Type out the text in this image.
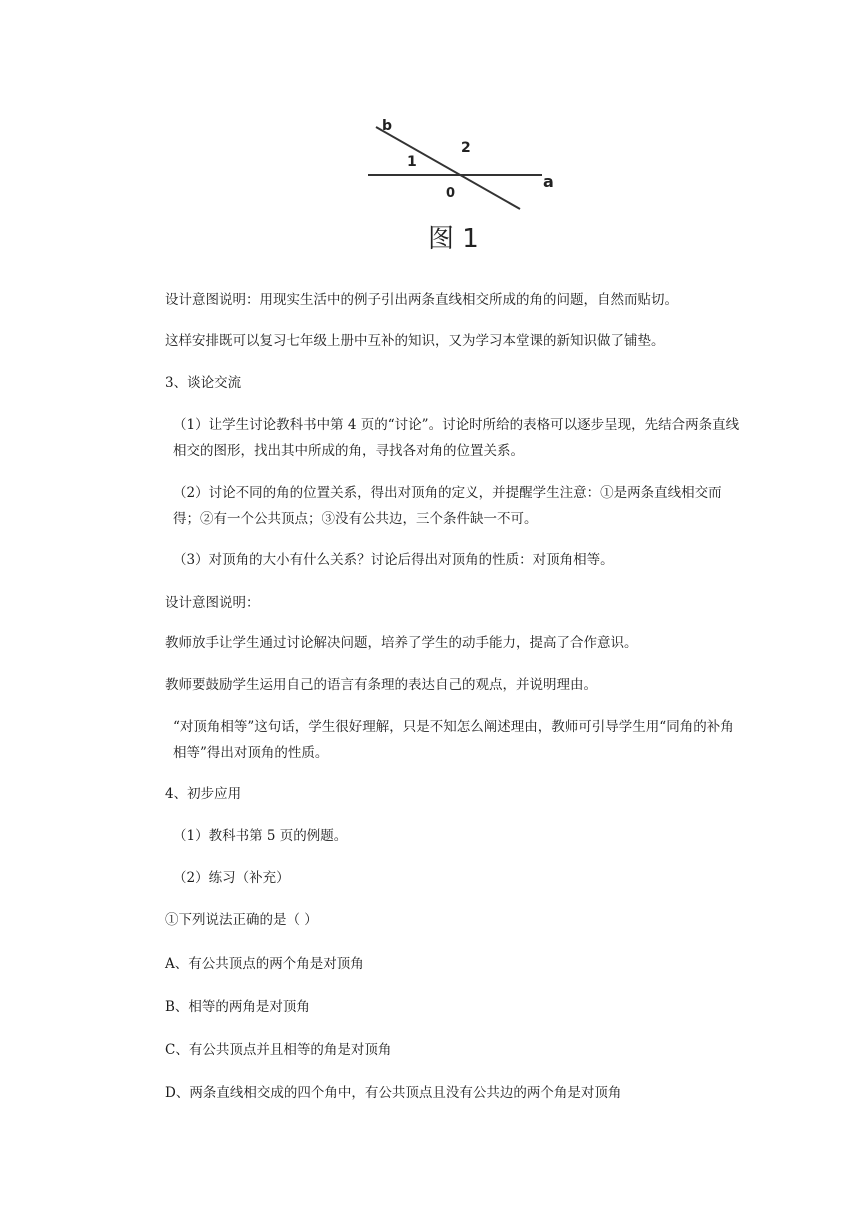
b
a
1
2
0
图 1

设计意图说明：用现实生活中的例子引出两条直线相交所成的角的问题，自然而贴切。

这样安排既可以复习七年级上册中互补的知识，又为学习本堂课的新知识做了铺垫。

3、谈论交流

（1）让学生讨论教科书中第 4 页的“讨论”。讨论时所给的表格可以逐步呈现，先结合两条直线相交的图形，找出其中所成的角，寻找各对角的位置关系。

（2）讨论不同的角的位置关系，得出对顶角的定义，并提醒学生注意：①是两条直线相交而得；②有一个公共顶点；③没有公共边，三个条件缺一不可。

（3）对顶角的大小有什么关系？讨论后得出对顶角的性质：对顶角相等。

设计意图说明：

教师放手让学生通过讨论解决问题，培养了学生的动手能力，提高了合作意识。

教师要鼓励学生运用自己的语言有条理的表达自己的观点，并说明理由。

“对顶角相等”这句话，学生很好理解，只是不知怎么阐述理由，教师可引导学生用“同角的补角相等”得出对顶角的性质。

4、初步应用

（1）教科书第 5 页的例题。

（2）练习（补充）

①下列说法正确的是（ ）

A、有公共顶点的两个角是对顶角

B、相等的两角是对顶角

C、有公共顶点并且相等的角是对顶角

D、两条直线相交成的四个角中，有公共顶点且没有公共边的两个角是对顶角
